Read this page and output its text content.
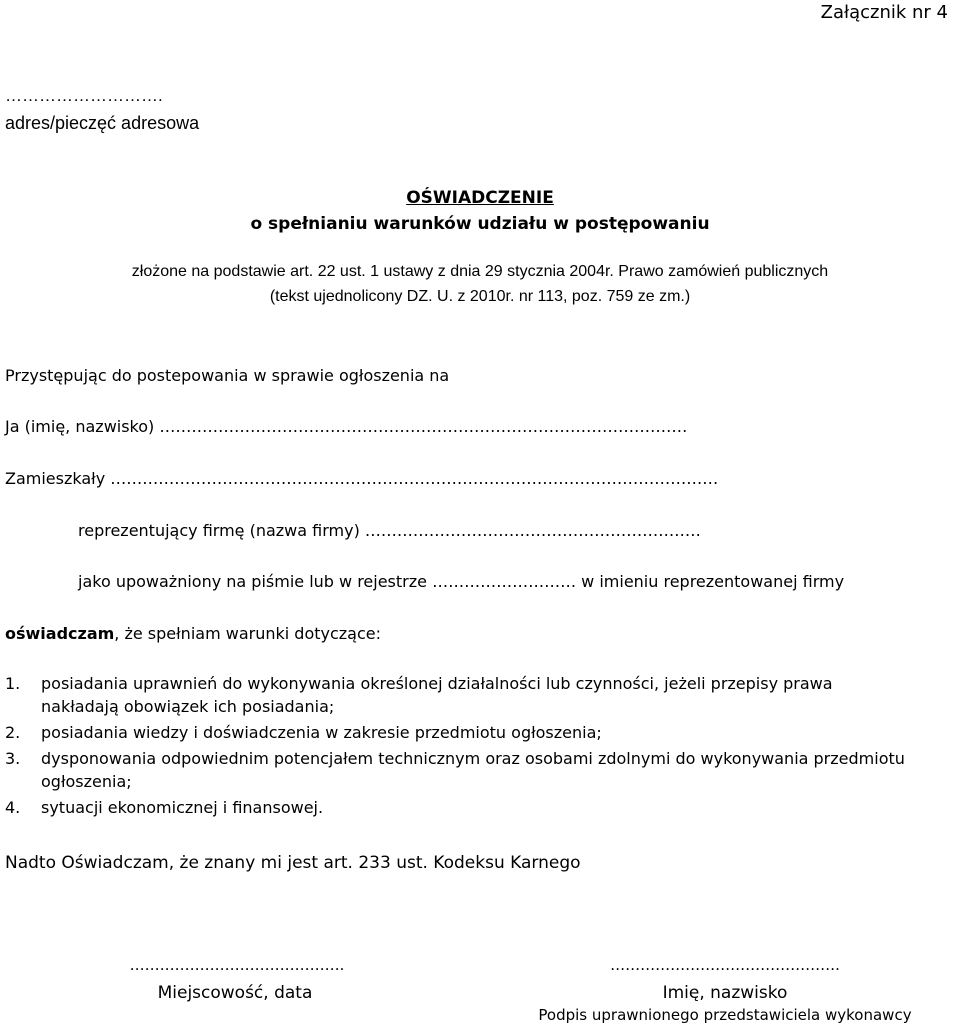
Załącznik nr 4
……………………….
adres/pieczęć adresowa
OŚWIADCZENIE
o spełnianiu warunków udziału w postępowaniu
złożone na podstawie art. 22 ust. 1 ustawy z dnia 29 stycznia 2004r. Prawo zamówień publicznych
(tekst ujednolicony DZ. U. z 2010r. nr 113, poz. 759 ze zm.)
Przystępując do postepowania w sprawie ogłoszenia na
Ja (imię, nazwisko) ………………………………………………………………………………………
Zamieszkały ……………………………………………………………………………………………………
reprezentujący firmę (nazwa firmy) ………………………………………………………
jako upoważniony na piśmie lub w rejestrze ……………………… w imieniu reprezentowanej firmy
oświadczam, że spełniam warunki dotyczące:
1. posiadania uprawnień do wykonywania określonej działalności lub czynności, jeżeli przepisy prawa nakładają obowiązek ich posiadania;
2. posiadania wiedzy i doświadczenia w zakresie przedmiotu ogłoszenia;
3. dysponowania odpowiednim potencjałem technicznym oraz osobami zdolnymi do wykonywania przedmiotu ogłoszenia;
4. sytuacji ekonomicznej i finansowej.
Nadto Oświadczam, że znany mi jest art. 233 ust. Kodeksu Karnego
…………………………………….
Miejscowość, data
……………………………………….
Imię, nazwisko
Podpis uprawnionego przedstawiciela wykonawcy
